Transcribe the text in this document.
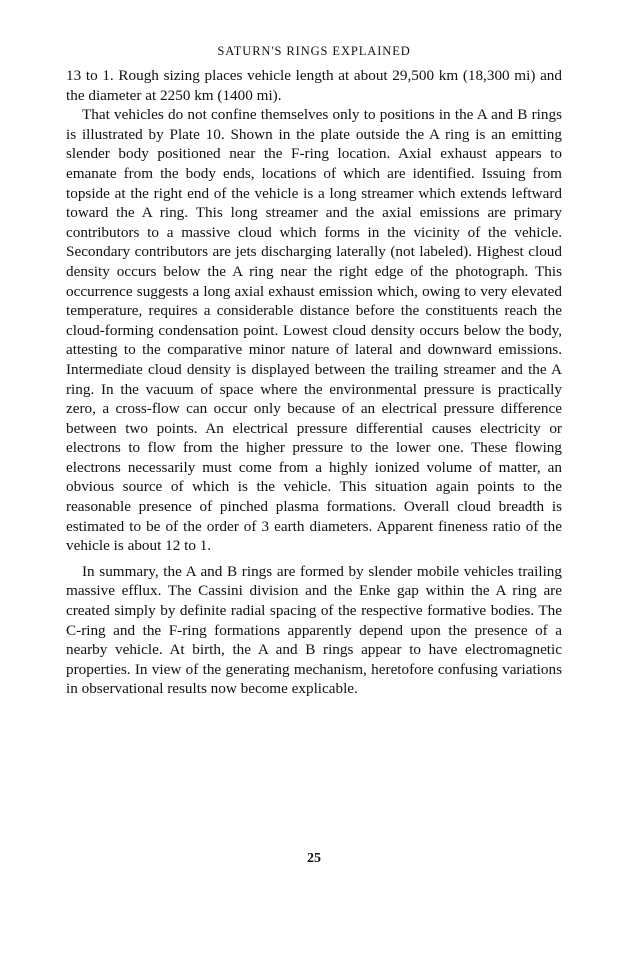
SATURN'S RINGS EXPLAINED

13 to 1. Rough sizing places vehicle length at about 29,500 km (18,300 mi) and the diameter at 2250 km (1400 mi).

That vehicles do not confine themselves only to positions in the A and B rings is illustrated by Plate 10. Shown in the plate outside the A ring is an emitting slender body positioned near the F-ring location. Axial exhaust appears to emanate from the body ends, locations of which are identified. Issuing from topside at the right end of the vehicle is a long streamer which extends leftward toward the A ring. This long streamer and the axial emissions are primary contributors to a massive cloud which forms in the vicinity of the vehicle. Secondary contributors are jets discharging laterally (not labeled). Highest cloud density occurs below the A ring near the right edge of the photograph. This occurrence suggests a long axial exhaust emission which, owing to very elevated temperature, requires a considerable distance before the constituents reach the cloud-forming condensation point. Lowest cloud density occurs below the body, attesting to the comparative minor nature of lateral and downward emissions. Intermediate cloud density is displayed between the trailing streamer and the A ring. In the vacuum of space where the environmental pressure is practically zero, a cross-flow can occur only because of an electrical pressure difference between two points. An electrical pressure differential causes electricity or electrons to flow from the higher pressure to the lower one. These flowing electrons necessarily must come from a highly ionized volume of matter, an obvious source of which is the vehicle. This situation again points to the reasonable presence of pinched plasma formations. Overall cloud breadth is estimated to be of the order of 3 earth diameters. Apparent fineness ratio of the vehicle is about 12 to 1.

In summary, the A and B rings are formed by slender mobile vehicles trailing massive efflux. The Cassini division and the Enke gap within the A ring are created simply by definite radial spacing of the respective formative bodies. The C-ring and the F-ring formations apparently depend upon the presence of a nearby vehicle. At birth, the A and B rings appear to have electromagnetic properties. In view of the generating mechanism, heretofore confusing variations in observational results now become explicable.

25
